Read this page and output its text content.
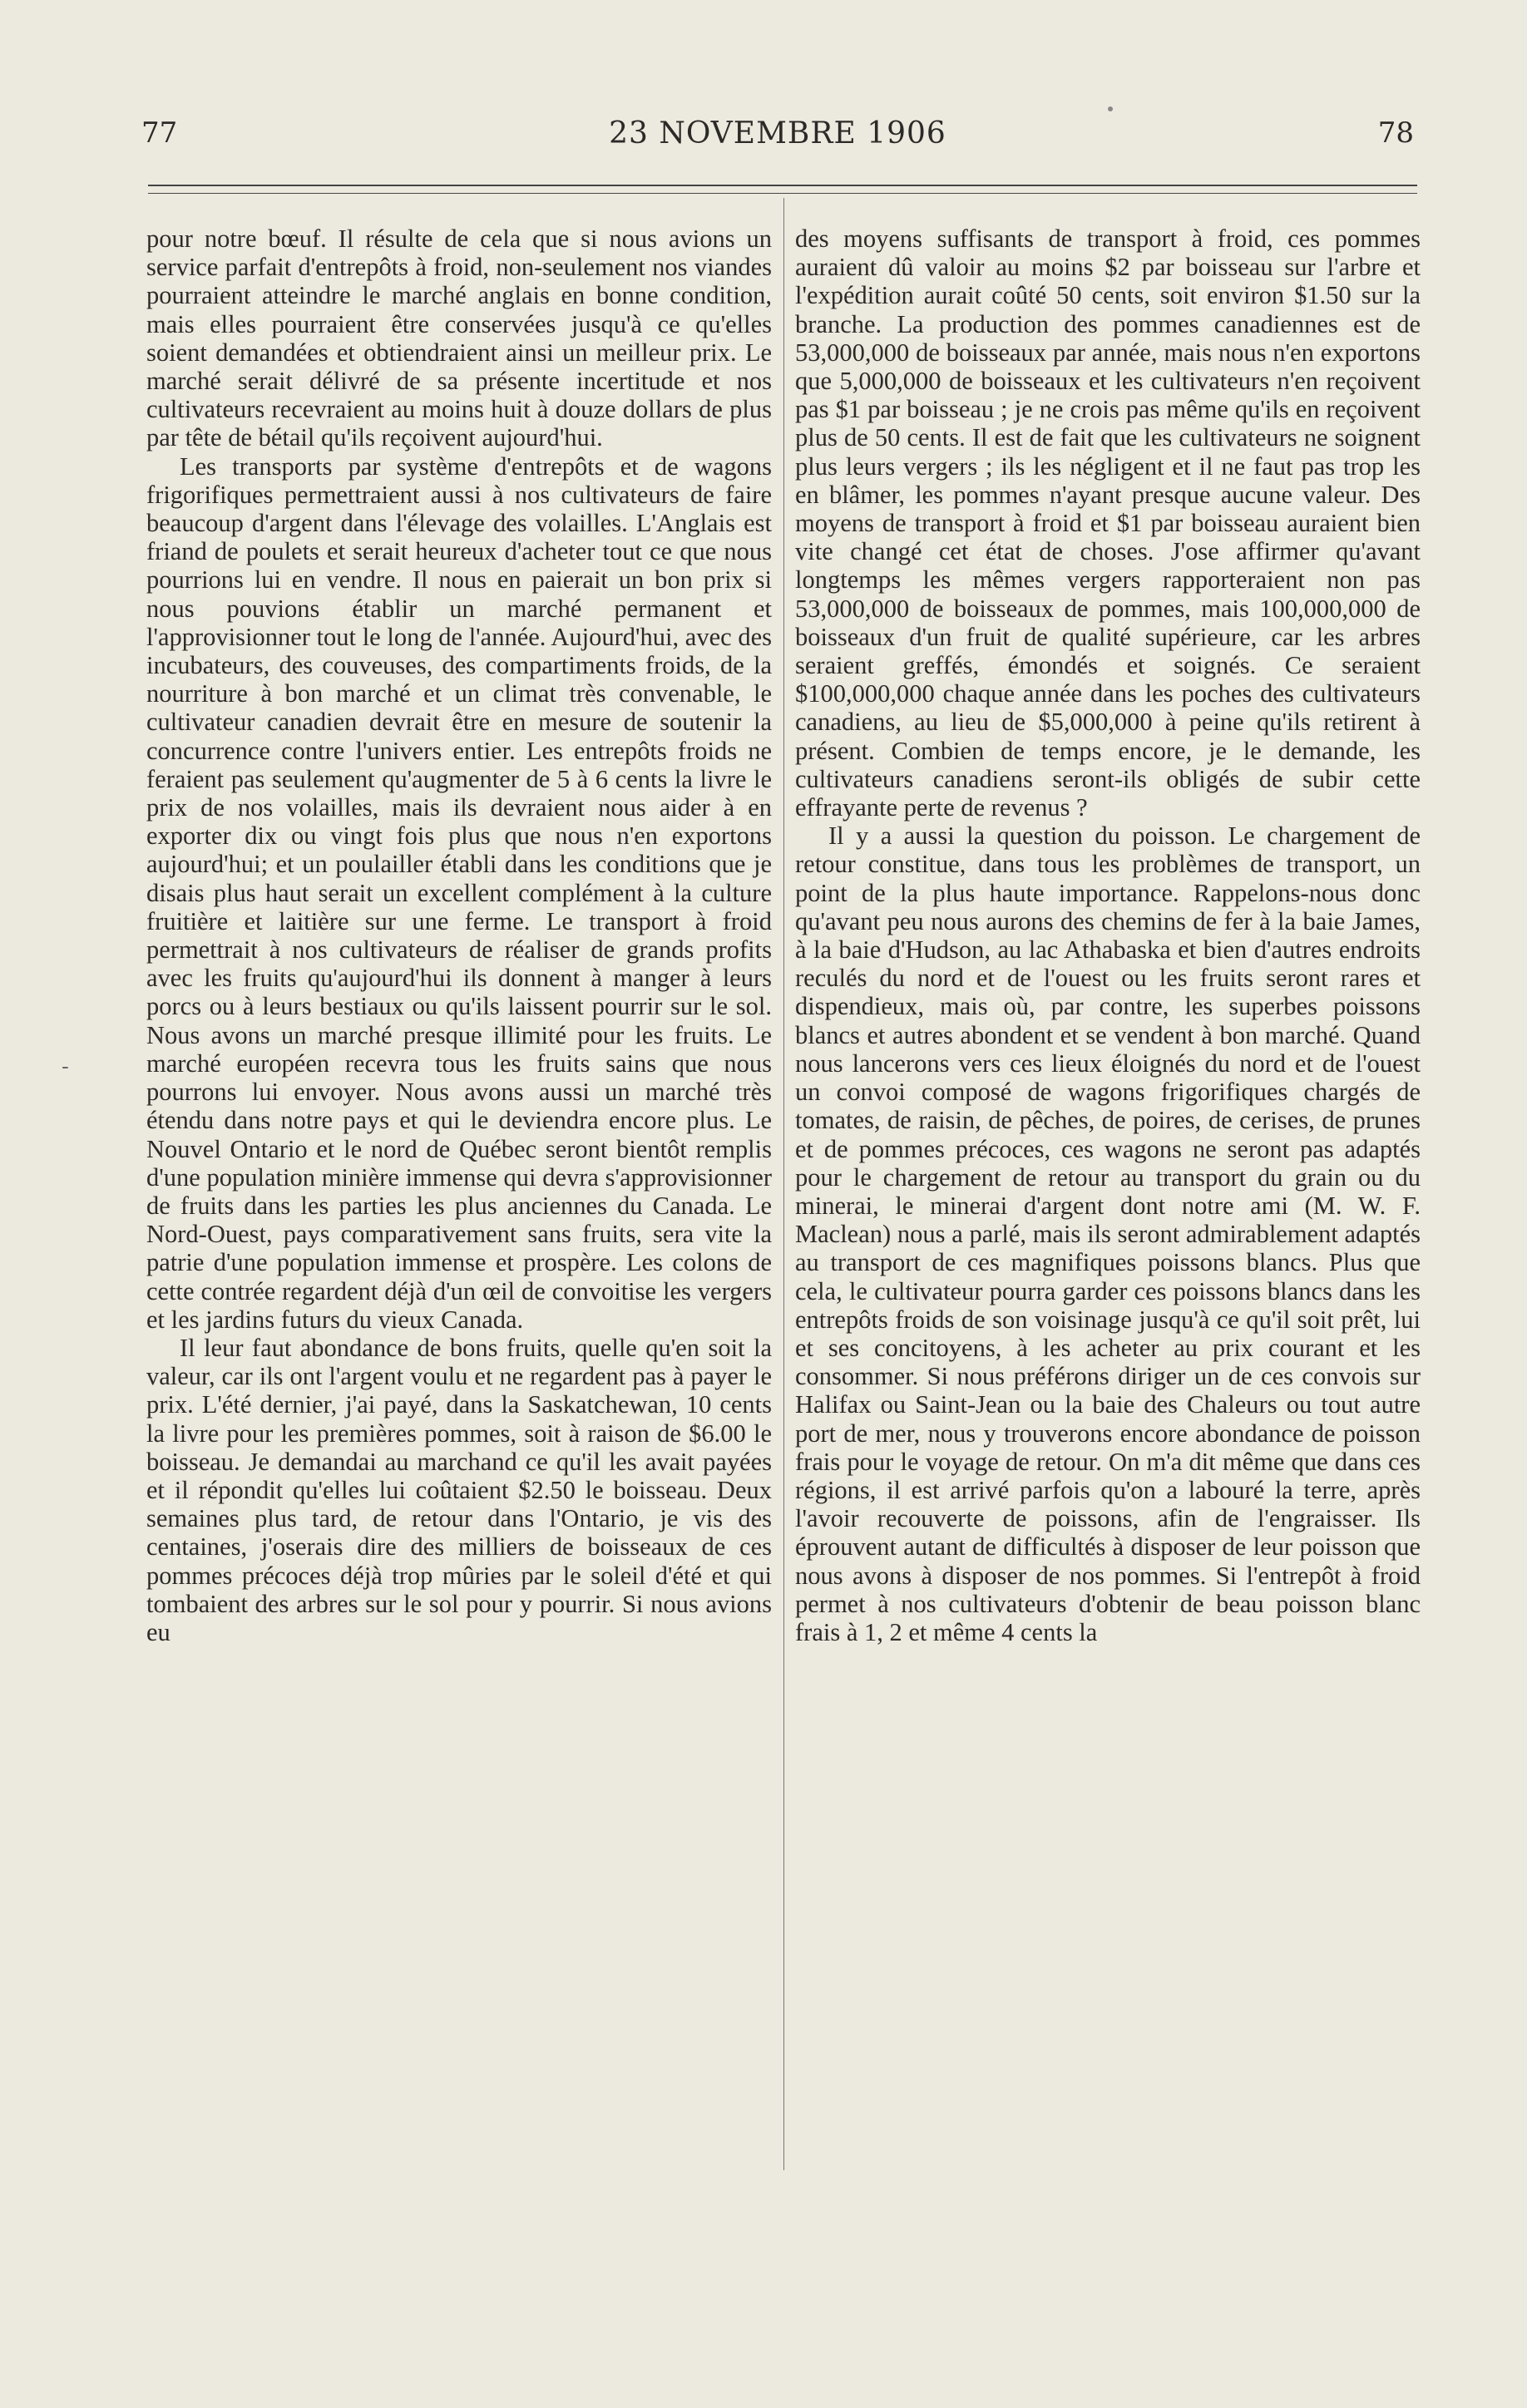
77	23 NOVEMBRE 1906	78
-

pour notre bœuf. Il résulte de cela que si nous avions un service parfait d'entrepôts à froid, non-seulement nos viandes pourraient atteindre le marché anglais en bonne condition, mais elles pourraient être conservées jusqu'à ce qu'elles soient demandées et obtiendraient ainsi un meilleur prix. Le marché serait délivré de sa présente incertitude et nos cultivateurs recevraient au moins huit à douze dollars de plus par tête de bétail qu'ils reçoivent aujourd'hui.

Les transports par système d'entrepôts et de wagons frigorifiques permettraient aussi à nos cultivateurs de faire beaucoup d'argent dans l'élevage des volailles. L'Anglais est friand de poulets et serait heureux d'acheter tout ce que nous pourrions lui en vendre. Il nous en paierait un bon prix si nous pouvions établir un marché permanent et l'approvisionner tout le long de l'année. Aujourd'hui, avec des incubateurs, des couveuses, des compartiments froids, de la nourriture à bon marché et un climat très convenable, le cultivateur canadien devrait être en mesure de soutenir la concurrence contre l'univers entier. Les entrepôts froids ne feraient pas seulement qu'augmenter de 5 à 6 cents la livre le prix de nos volailles, mais ils devraient nous aider à en exporter dix ou vingt fois plus que nous n'en exportons aujourd'hui; et un poulailler établi dans les conditions que je disais plus haut serait un excellent complément à la culture fruitière et laitière sur une ferme. Le transport à froid permettrait à nos cultivateurs de réaliser de grands profits avec les fruits qu'aujourd'hui ils donnent à manger à leurs porcs ou à leurs bestiaux ou qu'ils laissent pourrir sur le sol. Nous avons un marché presque illimité pour les fruits. Le marché européen recevra tous les fruits sains que nous pourrons lui envoyer. Nous avons aussi un marché très étendu dans notre pays et qui le deviendra encore plus. Le Nouvel Ontario et le nord de Québec seront bientôt remplis d'une population minière immense qui devra s'approvisionner de fruits dans les parties les plus anciennes du Canada. Le Nord-Ouest, pays comparativement sans fruits, sera vite la patrie d'une population immense et prospère. Les colons de cette contrée regardent déjà d'un œil de convoitise les vergers et les jardins futurs du vieux Canada.

Il leur faut abondance de bons fruits, quelle qu'en soit la valeur, car ils ont l'argent voulu et ne regardent pas à payer le prix. L'été dernier, j'ai payé, dans la Saskatchewan, 10 cents la livre pour les premières pommes, soit à raison de $6.00 le boisseau. Je demandai au marchand ce qu'il les avait payées et il répondit qu'elles lui coûtaient $2.50 le boisseau. Deux semaines plus tard, de retour dans l'Ontario, je vis des centaines, j'oserais dire des milliers de boisseaux de ces pommes précoces déjà trop mûries par le soleil d'été et qui tombaient des arbres sur le sol pour y pourrir. Si nous avions eu

des moyens suffisants de transport à froid, ces pommes auraient dû valoir au moins $2 par boisseau sur l'arbre et l'expédition aurait coûté 50 cents, soit environ $1.50 sur la branche. La production des pommes canadiennes est de 53,000,000 de boisseaux par année, mais nous n'en exportons que 5,000,000 de boisseaux et les cultivateurs n'en reçoivent pas $1 par boisseau ; je ne crois pas même qu'ils en reçoivent plus de 50 cents. Il est de fait que les cultivateurs ne soignent plus leurs vergers ; ils les négligent et il ne faut pas trop les en blâmer, les pommes n'ayant presque aucune valeur. Des moyens de transport à froid et $1 par boisseau auraient bien vite changé cet état de choses. J'ose affirmer qu'avant longtemps les mêmes vergers rapporteraient non pas 53,000,000 de boisseaux de pommes, mais 100,000,000 de boisseaux d'un fruit de qualité supérieure, car les arbres seraient greffés, émondés et soignés. Ce seraient $100,000,000 chaque année dans les poches des cultivateurs canadiens, au lieu de $5,000,000 à peine qu'ils retirent à présent. Combien de temps encore, je le demande, les cultivateurs canadiens seront-ils obligés de subir cette effrayante perte de revenus ?

Il y a aussi la question du poisson. Le chargement de retour constitue, dans tous les problèmes de transport, un point de la plus haute importance. Rappelons-nous donc qu'avant peu nous aurons des chemins de fer à la baie James, à la baie d'Hudson, au lac Athabaska et bien d'autres endroits reculés du nord et de l'ouest ou les fruits seront rares et dispendieux, mais où, par contre, les superbes poissons blancs et autres abondent et se vendent à bon marché. Quand nous lancerons vers ces lieux éloignés du nord et de l'ouest un convoi composé de wagons frigorifiques chargés de tomates, de raisin, de pêches, de poires, de cerises, de prunes et de pommes précoces, ces wagons ne seront pas adaptés pour le chargement de retour au transport du grain ou du minerai, le minerai d'argent dont notre ami (M. W. F. Maclean) nous a parlé, mais ils seront admirablement adaptés au transport de ces magnifiques poissons blancs. Plus que cela, le cultivateur pourra garder ces poissons blancs dans les entrepôts froids de son voisinage jusqu'à ce qu'il soit prêt, lui et ses concitoyens, à les acheter au prix courant et les consommer. Si nous préférons diriger un de ces convois sur Halifax ou Saint-Jean ou la baie des Chaleurs ou tout autre port de mer, nous y trouverons encore abondance de poisson frais pour le voyage de retour. On m'a dit même que dans ces régions, il est arrivé parfois qu'on a labouré la terre, après l'avoir recouverte de poissons, afin de l'engraisser. Ils éprouvent autant de difficultés à disposer de leur poisson que nous avons à disposer de nos pommes. Si l'entrepôt à froid permet à nos cultivateurs d'obtenir de beau poisson blanc frais à 1, 2 et même 4 cents la
